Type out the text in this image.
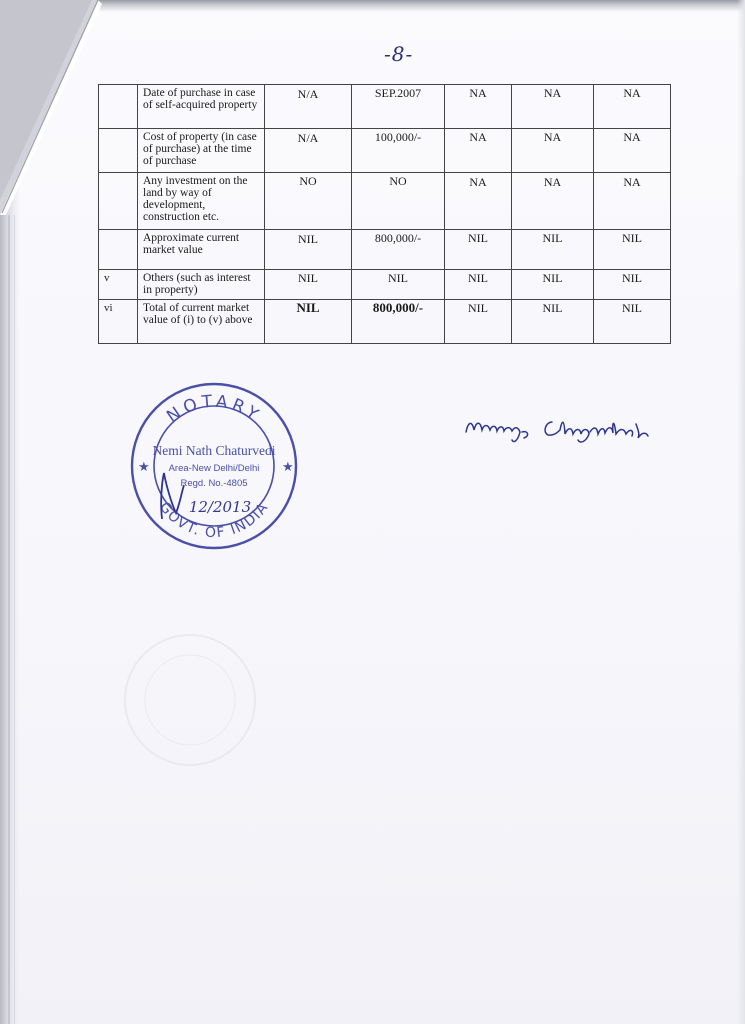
-8-
	Date of purchase in case of self-acquired property	N/A	SEP.2007	NA	NA	NA
	Cost of property (in case of purchase) at the time of purchase	N/A	100,000/-	NA	NA	NA
	Any investment on the land by way of development, construction etc.	NO	NO	NA	NA	NA
	Approximate current market value	NIL	800,000/-	NIL	NIL	NIL
v	Others (such as interest in property)	NIL	NIL	NIL	NIL	NIL
vi	Total of current market value of (i) to (v) above	NIL	800,000/-	NIL	NIL	NIL
NOTARY
GOVT. OF INDIA
★	★
Nemi Nath Chaturvedi
Area-New Delhi/Delhi
Regd. No.-4805
12/2013
